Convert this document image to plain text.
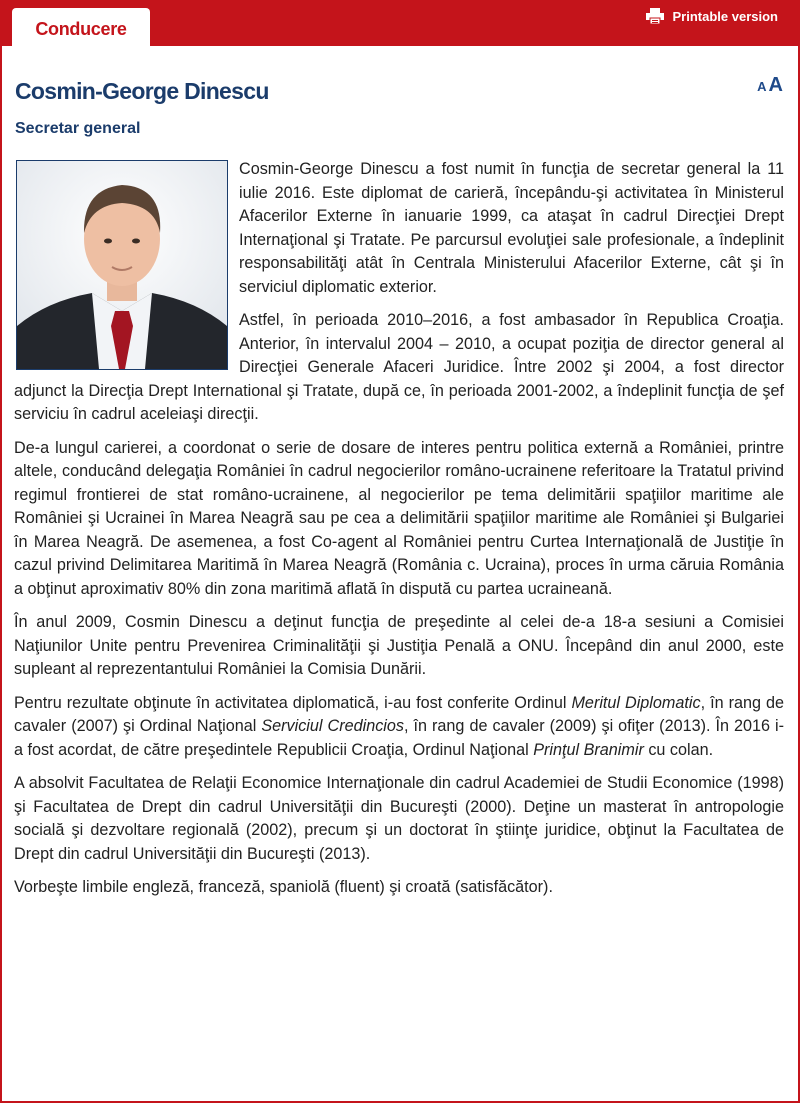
Conducere
Printable version
Cosmin-George Dinescu	A A
Secretar general

Cosmin-George Dinescu a fost numit în funcţia de secretar general la 11 iulie 2016. Este diplomat de carieră, începându-şi activitatea în Ministerul Afacerilor Externe în ianuarie 1999, ca ataşat în cadrul Direcţiei Drept Internaţional şi Tratate. Pe parcursul evoluţiei sale profesionale, a îndeplinit responsabilităţi atât în Centrala Ministerului Afacerilor Externe, cât şi în serviciul diplomatic exterior.

Astfel, în perioada 2010–2016, a fost ambasador în Republica Croaţia. Anterior, în intervalul 2004 – 2010, a ocupat poziţia de director general al Direcţiei Generale Afaceri Juridice. Între 2002 şi 2004, a fost director adjunct la Direcţia Drept International şi Tratate, după ce, în perioada 2001-2002, a îndeplinit funcţia de şef serviciu în cadrul aceleiaşi direcţii.

De-a lungul carierei, a coordonat o serie de dosare de interes pentru politica externă a României, printre altele, conducând delegaţia României în cadrul negocierilor româno-ucrainene referitoare la Tratatul privind regimul frontierei de stat româno-ucrainene, al negocierilor pe tema delimitării spaţiilor maritime ale României şi Ucrainei în Marea Neagră sau pe cea a delimitării spaţiilor maritime ale României şi Bulgariei în Marea Neagră. De asemenea, a fost Co-agent al României pentru Curtea Internaţională de Justiţie în cazul privind Delimitarea Maritimă în Marea Neagră (România c. Ucraina), proces în urma căruia România a obţinut aproximativ 80% din zona maritimă aflată în dispută cu partea ucraineană.

În anul 2009, Cosmin Dinescu a deţinut funcţia de preşedinte al celei de-a 18-a sesiuni a Comisiei Naţiunilor Unite pentru Prevenirea Criminalităţii şi Justiţia Penală a ONU. Începând din anul 2000, este supleant al reprezentantului României la Comisia Dunării.

Pentru rezultate obţinute în activitatea diplomatică, i-au fost conferite Ordinul Meritul Diplomatic, în rang de cavaler (2007) şi Ordinal Naţional Serviciul Credincios, în rang de cavaler (2009) şi ofiţer (2013). În 2016 i-a fost acordat, de către preşedintele Republicii Croaţia, Ordinul Naţional Prinţul Branimir cu colan.

A absolvit Facultatea de Relaţii Economice Internaţionale din cadrul Academiei de Studii Economice (1998) şi Facultatea de Drept din cadrul Universităţii din Bucureşti (2000). Deţine un masterat în antropologie socială şi dezvoltare regională (2002), precum şi un doctorat în ştiinţe juridice, obţinut la Facultatea de Drept din cadrul Universităţii din Bucureşti (2013).

Vorbeşte limbile engleză, franceză, spaniolă (fluent) şi croată (satisfăcător).
